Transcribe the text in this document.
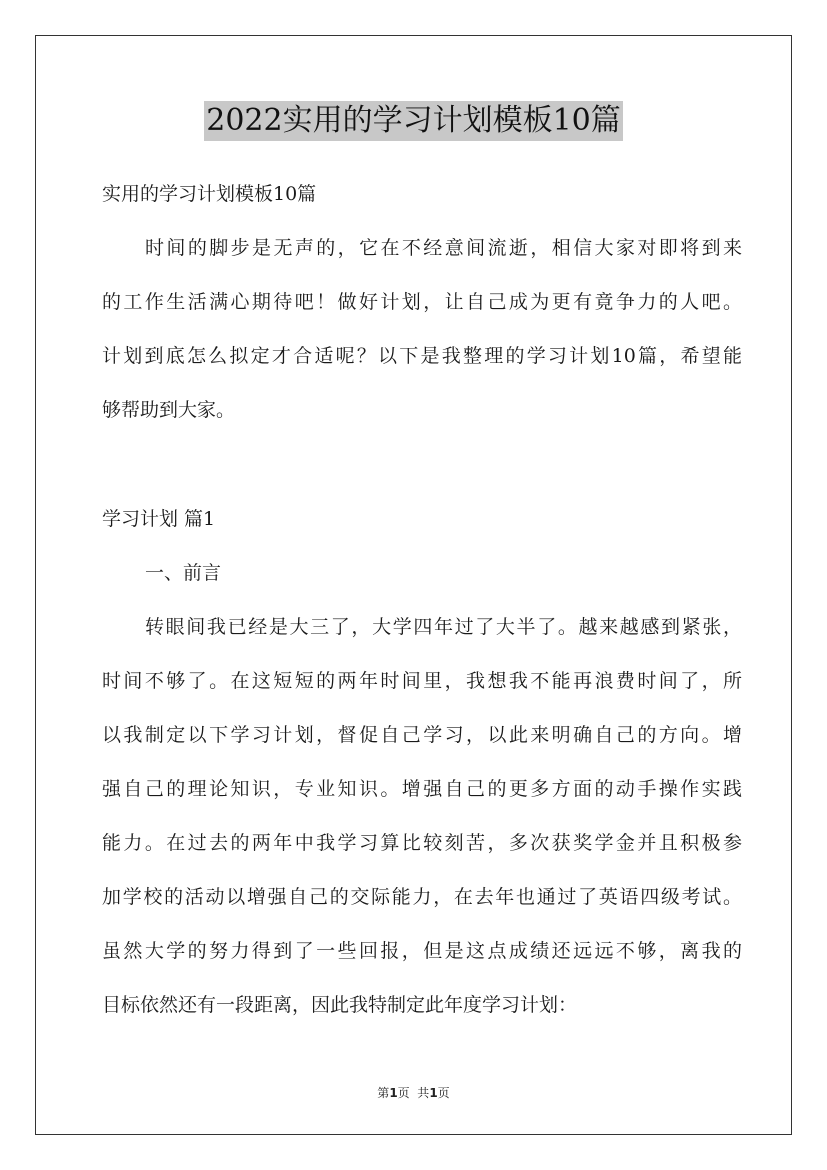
2022实用的学习计划模板10篇
实用的学习计划模板10篇
时间的脚步是无声的，它在不经意间流逝，相信大家对即将到来
的工作生活满心期待吧！做好计划，让自己成为更有竟争力的人吧。
计划到底怎么拟定才合适呢？以下是我整理的学习计划10篇，希望能
够帮助到大家。
学习计划 篇1
一、前言
转眼间我已经是大三了，大学四年过了大半了。越来越感到紧张，
时间不够了。在这短短的两年时间里，我想我不能再浪费时间了，所
以我制定以下学习计划，督促自己学习，以此来明确自己的方向。增
强自己的理论知识，专业知识。增强自己的更多方面的动手操作实践
能力。在过去的两年中我学习算比较刻苦，多次获奖学金并且积极参
加学校的活动以增强自己的交际能力，在去年也通过了英语四级考试。
虽然大学的努力得到了一些回报，但是这点成绩还远远不够，离我的
目标依然还有一段距离，因此我特制定此年度学习计划：
第1页  共1页
